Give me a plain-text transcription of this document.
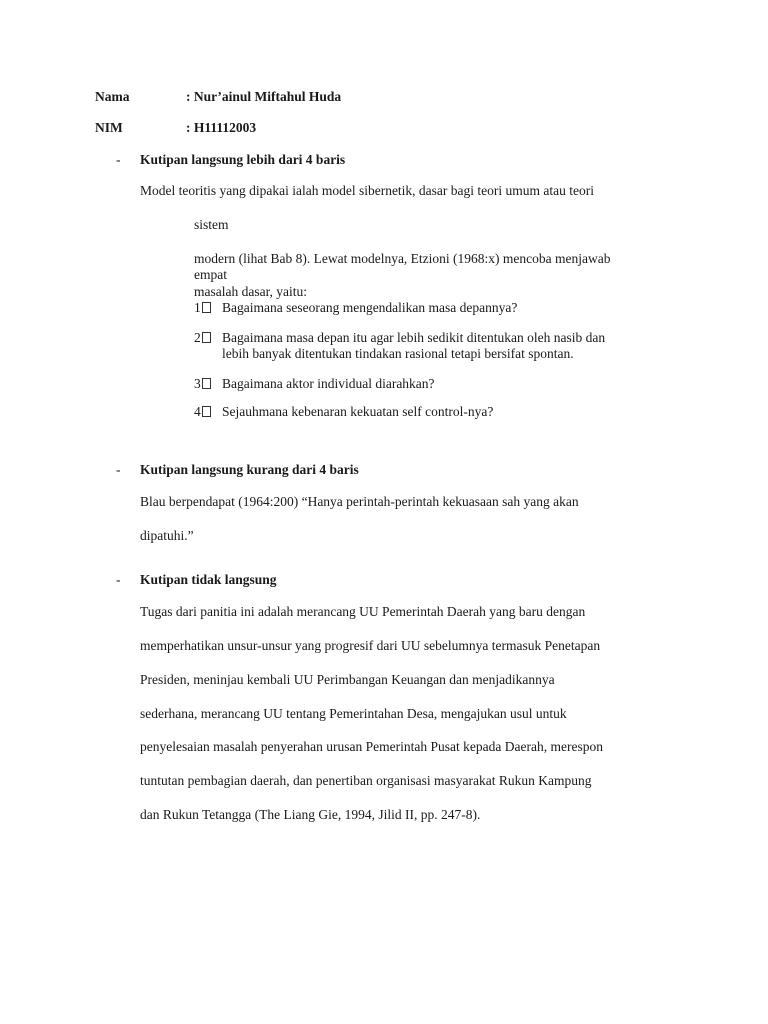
Nama	: Nur’ainul Miftahul Huda
NIM	: H11112003
- Kutipan langsung lebih dari 4 baris
Model teoritis yang dipakai ialah model sibernetik, dasar bagi teori umum atau teori
sistem
modern (lihat Bab 8). Lewat modelnya, Etzioni (1968:x) mencoba menjawab
empat
masalah dasar, yaitu:
1	Bagaimana seseorang mengendalikan masa depannya?
2	Bagaimana masa depan itu agar lebih sedikit ditentukan oleh nasib dan
lebih banyak ditentukan tindakan rasional tetapi bersifat spontan.
3	Bagaimana aktor individual diarahkan?
4	Sejauhmana kebenaran kekuatan self control-nya?
- Kutipan langsung kurang dari 4 baris
Blau berpendapat (1964:200) “Hanya perintah-perintah kekuasaan sah yang akan
dipatuhi.”
- Kutipan tidak langsung
Tugas dari panitia ini adalah merancang UU Pemerintah Daerah yang baru dengan
memperhatikan unsur-unsur yang progresif dari UU sebelumnya termasuk Penetapan
Presiden, meninjau kembali UU Perimbangan Keuangan dan menjadikannya
sederhana, merancang UU tentang Pemerintahan Desa, mengajukan usul untuk
penyelesaian masalah penyerahan urusan Pemerintah Pusat kepada Daerah, merespon
tuntutan pembagian daerah, dan penertiban organisasi masyarakat Rukun Kampung
dan Rukun Tetangga (The Liang Gie, 1994, Jilid II, pp. 247-8).
